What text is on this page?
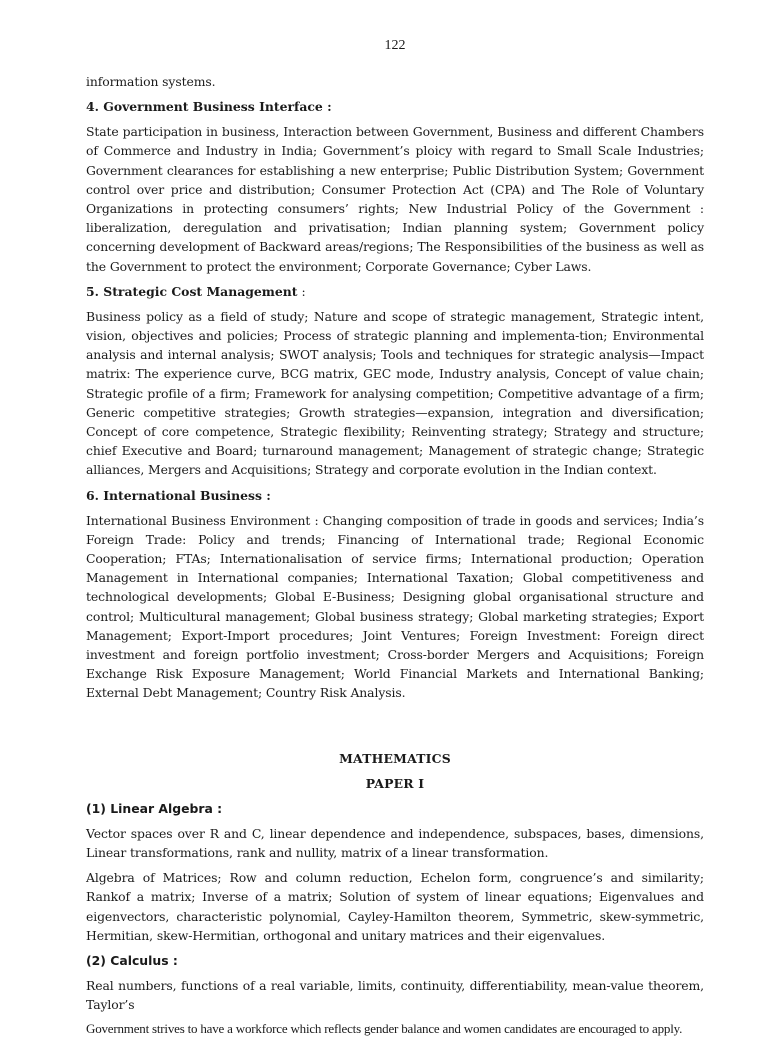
122

information systems.

4. Government Business Interface :

State participation in business, Interaction between Government, Business and different Chambers of Commerce and Industry in India; Government’s ploicy with regard to Small Scale Industries; Government clearances for establishing a new enterprise; Public Distribution System; Government control over price and distribution; Consumer Protection Act (CPA) and The Role of Voluntary Organizations in protecting consumers’ rights; New Industrial Policy of the Government : liberalization, deregulation and privatisation; Indian planning system; Government policy concerning development of Backward areas/regions; The Responsibilities of the business as well as the Government to protect the environment; Corporate Governance; Cyber Laws.

5. Strategic Cost Management :

Business policy as a field of study; Nature and scope of strategic management, Strategic intent, vision, objectives and policies; Process of strategic planning and implementa-tion; Environmental analysis and internal analysis; SWOT analysis; Tools and techniques for strategic analysis—Impact matrix: The experience curve, BCG matrix, GEC mode, Industry analysis, Concept of value chain; Strategic profile of a firm; Framework for analysing competition; Competitive advantage of a firm; Generic competitive strategies; Growth strategies—expansion, integration and diversification; Concept of core competence, Strategic flexibility; Reinventing strategy; Strategy and structure; chief Executive and Board; turnaround management; Management of strategic change; Strategic alliances, Mergers and Acquisitions; Strategy and corporate evolution in the Indian context.

6. International Business :

International Business Environment : Changing composition of trade in goods and services; India’s Foreign Trade: Policy and trends; Financing of International trade; Regional Economic Cooperation; FTAs; Internationalisation of service firms; International production; Operation Management in International companies; International Taxation; Global competitiveness and technological developments; Global E-Business; Designing global organisational structure and control; Multicultural management; Global business strategy; Global marketing strategies; Export Management; Export-Import procedures; Joint Ventures; Foreign Investment: Foreign direct investment and foreign portfolio investment; Cross-border Mergers and Acquisitions; Foreign Exchange Risk Exposure Management; World Financial Markets and International Banking; External Debt Management; Country Risk Analysis.

MATHEMATICS
PAPER I
(1) Linear Algebra :

Vector spaces over R and C, linear dependence and independence, subspaces, bases, dimensions, Linear transformations, rank and nullity, matrix of a linear transformation.

Algebra of Matrices; Row and column reduction, Echelon form, congruence’s and similarity; Rankof a matrix; Inverse of a matrix; Solution of system of linear equations; Eigenvalues and eigenvectors, characteristic polynomial, Cayley-Hamilton theorem, Symmetric, skew-symmetric, Hermitian, skew-Hermitian, orthogonal and unitary matrices and their eigenvalues.

(2) Calculus :

Real numbers, functions of a real variable, limits, continuity, differentiability, mean-value theorem, Taylor’s

Government strives to have a workforce which reflects gender balance and women candidates are encouraged to apply.
